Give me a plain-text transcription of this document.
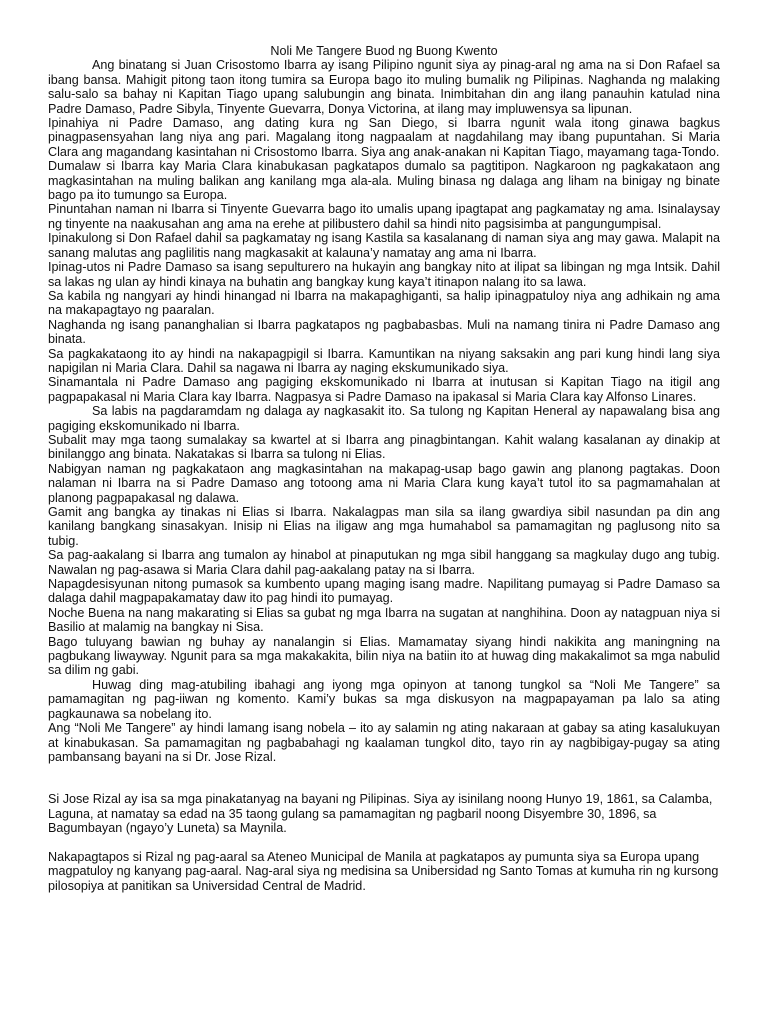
Noli Me Tangere Buod ng Buong Kwento

Ang binatang si Juan Crisostomo Ibarra ay isang Pilipino ngunit siya ay pinag-aral ng ama na si Don Rafael sa ibang bansa. Mahigit pitong taon itong tumira sa Europa bago ito muling bumalik ng Pilipinas. Naghanda ng malaking salu-salo sa bahay ni Kapitan Tiago upang salubungin ang binata. Inimbitahan din ang ilang panauhin katulad nina Padre Damaso, Padre Sibyla, Tinyente Guevarra, Donya Victorina, at ilang may impluwensya sa lipunan.

Ipinahiya ni Padre Damaso, ang dating kura ng San Diego, si Ibarra ngunit wala itong ginawa bagkus pinagpasensyahan lang niya ang pari. Magalang itong nagpaalam at nagdahilang may ibang pupuntahan. Si Maria Clara ang magandang kasintahan ni Crisostomo Ibarra. Siya ang anak-anakan ni Kapitan Tiago, mayamang taga-Tondo.

Dumalaw si Ibarra kay Maria Clara kinabukasan pagkatapos dumalo sa pagtitipon. Nagkaroon ng pagkakataon ang magkasintahan na muling balikan ang kanilang mga ala-ala. Muling binasa ng dalaga ang liham na binigay ng binate bago pa ito tumungo sa Europa.

Pinuntahan naman ni Ibarra si Tinyente Guevarra bago ito umalis upang ipagtapat ang pagkamatay ng ama. Isinalaysay ng tinyente na naakusahan ang ama na erehe at pilibustero dahil sa hindi nito pagsisimba at pangungumpisal.

Ipinakulong si Don Rafael dahil sa pagkamatay ng isang Kastila sa kasalanang di naman siya ang may gawa. Malapit na sanang malutas ang paglilitis nang magkasakit at kalauna’y namatay ang ama ni Ibarra.

Ipinag-utos ni Padre Damaso sa isang sepulturero na hukayin ang bangkay nito at ilipat sa libingan ng mga Intsik. Dahil sa lakas ng ulan ay hindi kinaya na buhatin ang bangkay kung kaya’t itinapon nalang ito sa lawa.

Sa kabila ng nangyari ay hindi hinangad ni Ibarra na makapaghiganti, sa halip ipinagpatuloy niya ang adhikain ng ama na makapagtayo ng paaralan.

Naghanda ng isang pananghalian si Ibarra pagkatapos ng pagbabasbas. Muli na namang tinira ni Padre Damaso ang binata.

Sa pagkakataong ito ay hindi na nakapagpigil si Ibarra. Kamuntikan na niyang saksakin ang pari kung hindi lang siya napigilan ni Maria Clara. Dahil sa nagawa ni Ibarra ay naging ekskumunikado siya.

Sinamantala ni Padre Damaso ang pagiging ekskomunikado ni Ibarra at inutusan si Kapitan Tiago na itigil ang pagpapakasal ni Maria Clara kay Ibarra. Nagpasya si Padre Damaso na ipakasal si Maria Clara kay Alfonso Linares.

Sa labis na pagdaramdam ng dalaga ay nagkasakit ito. Sa tulong ng Kapitan Heneral ay napawalang bisa ang pagiging ekskomunikado ni Ibarra.

Subalit may mga taong sumalakay sa kwartel at si Ibarra ang pinagbintangan. Kahit walang kasalanan ay dinakip at binilanggo ang binata. Nakatakas si Ibarra sa tulong ni Elias.

Nabigyan naman ng pagkakataon ang magkasintahan na makapag-usap bago gawin ang planong pagtakas. Doon nalaman ni Ibarra na si Padre Damaso ang totoong ama ni Maria Clara kung kaya’t tutol ito sa pagmamahalan at planong pagpapakasal ng dalawa.

Gamit ang bangka ay tinakas ni Elias si Ibarra. Nakalagpas man sila sa ilang gwardiya sibil nasundan pa din ang kanilang bangkang sinasakyan. Inisip ni Elias na iligaw ang mga humahabol sa pamamagitan ng paglusong nito sa tubig.

Sa pag-aakalang si Ibarra ang tumalon ay hinabol at pinaputukan ng mga sibil hanggang sa magkulay dugo ang tubig. Nawalan ng pag-asawa si Maria Clara dahil pag-aakalang patay na si Ibarra.

Napagdesisyunan nitong pumasok sa kumbento upang maging isang madre. Napilitang pumayag si Padre Damaso sa dalaga dahil magpapakamatay daw ito pag hindi ito pumayag.

Noche Buena na nang makarating si Elias sa gubat ng mga Ibarra na sugatan at nanghihina. Doon ay natagpuan niya si Basilio at malamig na bangkay ni Sisa.

Bago tuluyang bawian ng buhay ay nanalangin si Elias. Mamamatay siyang hindi nakikita ang maningning na pagbukang liwayway. Ngunit para sa mga makakakita, bilin niya na batiin ito at huwag ding makakalimot sa mga nabulid sa dilim ng gabi.

Huwag ding mag-atubiling ibahagi ang iyong mga opinyon at tanong tungkol sa “Noli Me Tangere” sa pamamagitan ng pag-iiwan ng komento. Kami’y bukas sa mga diskusyon na magpapayaman pa lalo sa ating pagkaunawa sa nobelang ito.

Ang “Noli Me Tangere” ay hindi lamang isang nobela – ito ay salamin ng ating nakaraan at gabay sa ating kasalukuyan at kinabukasan. Sa pamamagitan ng pagbabahagi ng kaalaman tungkol dito, tayo rin ay nagbibigay-pugay sa ating pambansang bayani na si Dr. Jose Rizal.

Si Jose Rizal ay isa sa mga pinakatanyag na bayani ng Pilipinas. Siya ay isinilang noong Hunyo 19, 1861, sa Calamba, Laguna, at namatay sa edad na 35 taong gulang sa pamamagitan ng pagbaril noong Disyembre 30, 1896, sa Bagumbayan (ngayo’y Luneta) sa Maynila.

Nakapagtapos si Rizal ng pag-aaral sa Ateneo Municipal de Manila at pagkatapos ay pumunta siya sa Europa upang magpatuloy ng kanyang pag-aaral. Nag-aral siya ng medisina sa Unibersidad ng Santo Tomas at kumuha rin ng kursong pilosopiya at panitikan sa Universidad Central de Madrid.
